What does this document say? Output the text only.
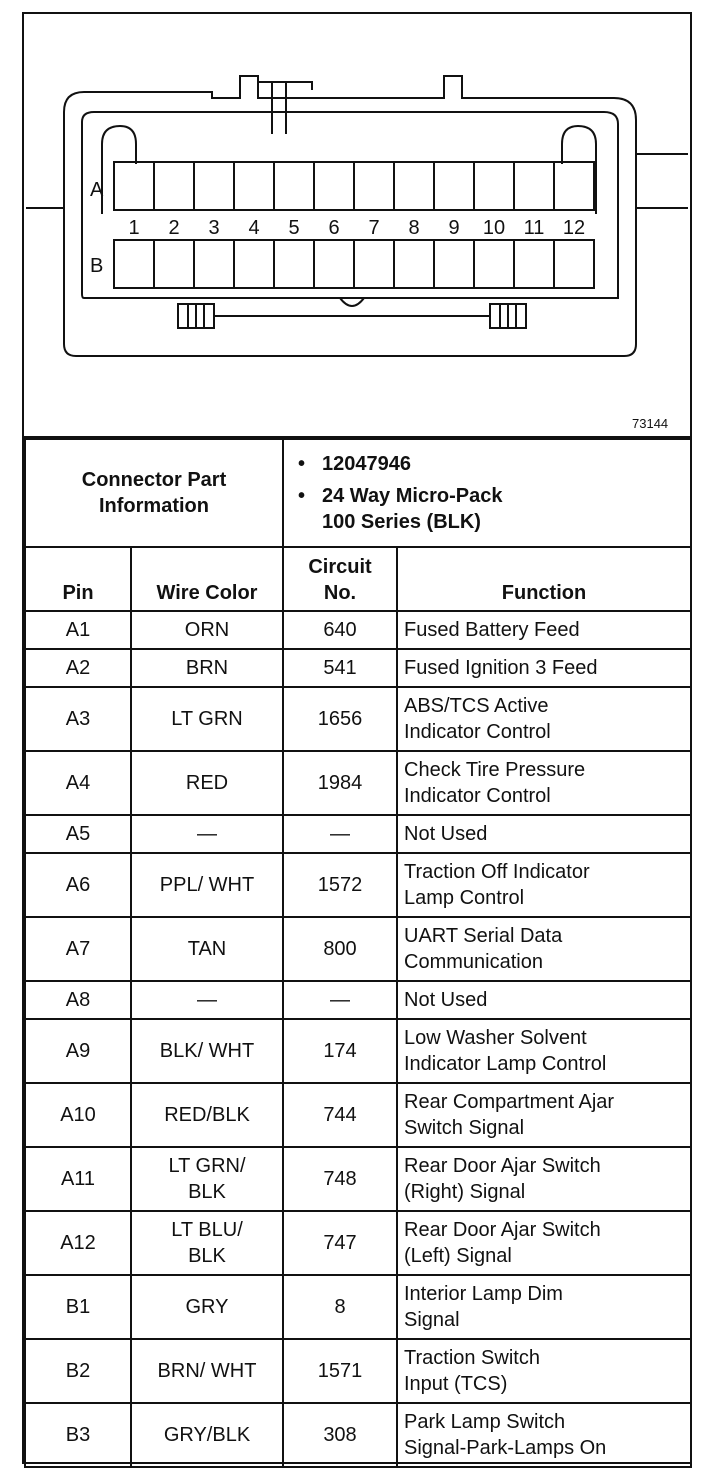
1 2 3 4 5 6 7 8 9 10 11 12
A
B
73144
Connector Part
Information		• 12047946
• 24 Way Micro-Pack
100 Series (BLK)	

Pin	Wire Color	Circuit
No.	Function
A1	ORN	640	Fused Battery Feed

A2	BRN	541	Fused Ignition 3 Feed

A3	LT GRN	1656	ABS/TCS Active
Indicator Control

A4	RED	1984	Check Tire Pressure
Indicator Control

A5	—	—	Not Used

A6	PPL/ WHT	1572	Traction Off Indicator
Lamp Control

A7	TAN	800	UART Serial Data
Communication

A8	—	—	Not Used

A9	BLK/ WHT	174	Low Washer Solvent
Indicator Lamp Control

A10	RED/BLK	744	Rear Compartment Ajar
Switch Signal

A11	LT GRN/
BLK	748	Rear Door Ajar Switch
(Right) Signal

A12	LT BLU/
BLK	747	Rear Door Ajar Switch
(Left) Signal

B1	GRY	8	Interior Lamp Dim
Signal

B2	BRN/ WHT	1571	Traction Switch
Input (TCS)

B3	GRY/BLK	308	Park Lamp Switch
Signal-Park-Lamps On
